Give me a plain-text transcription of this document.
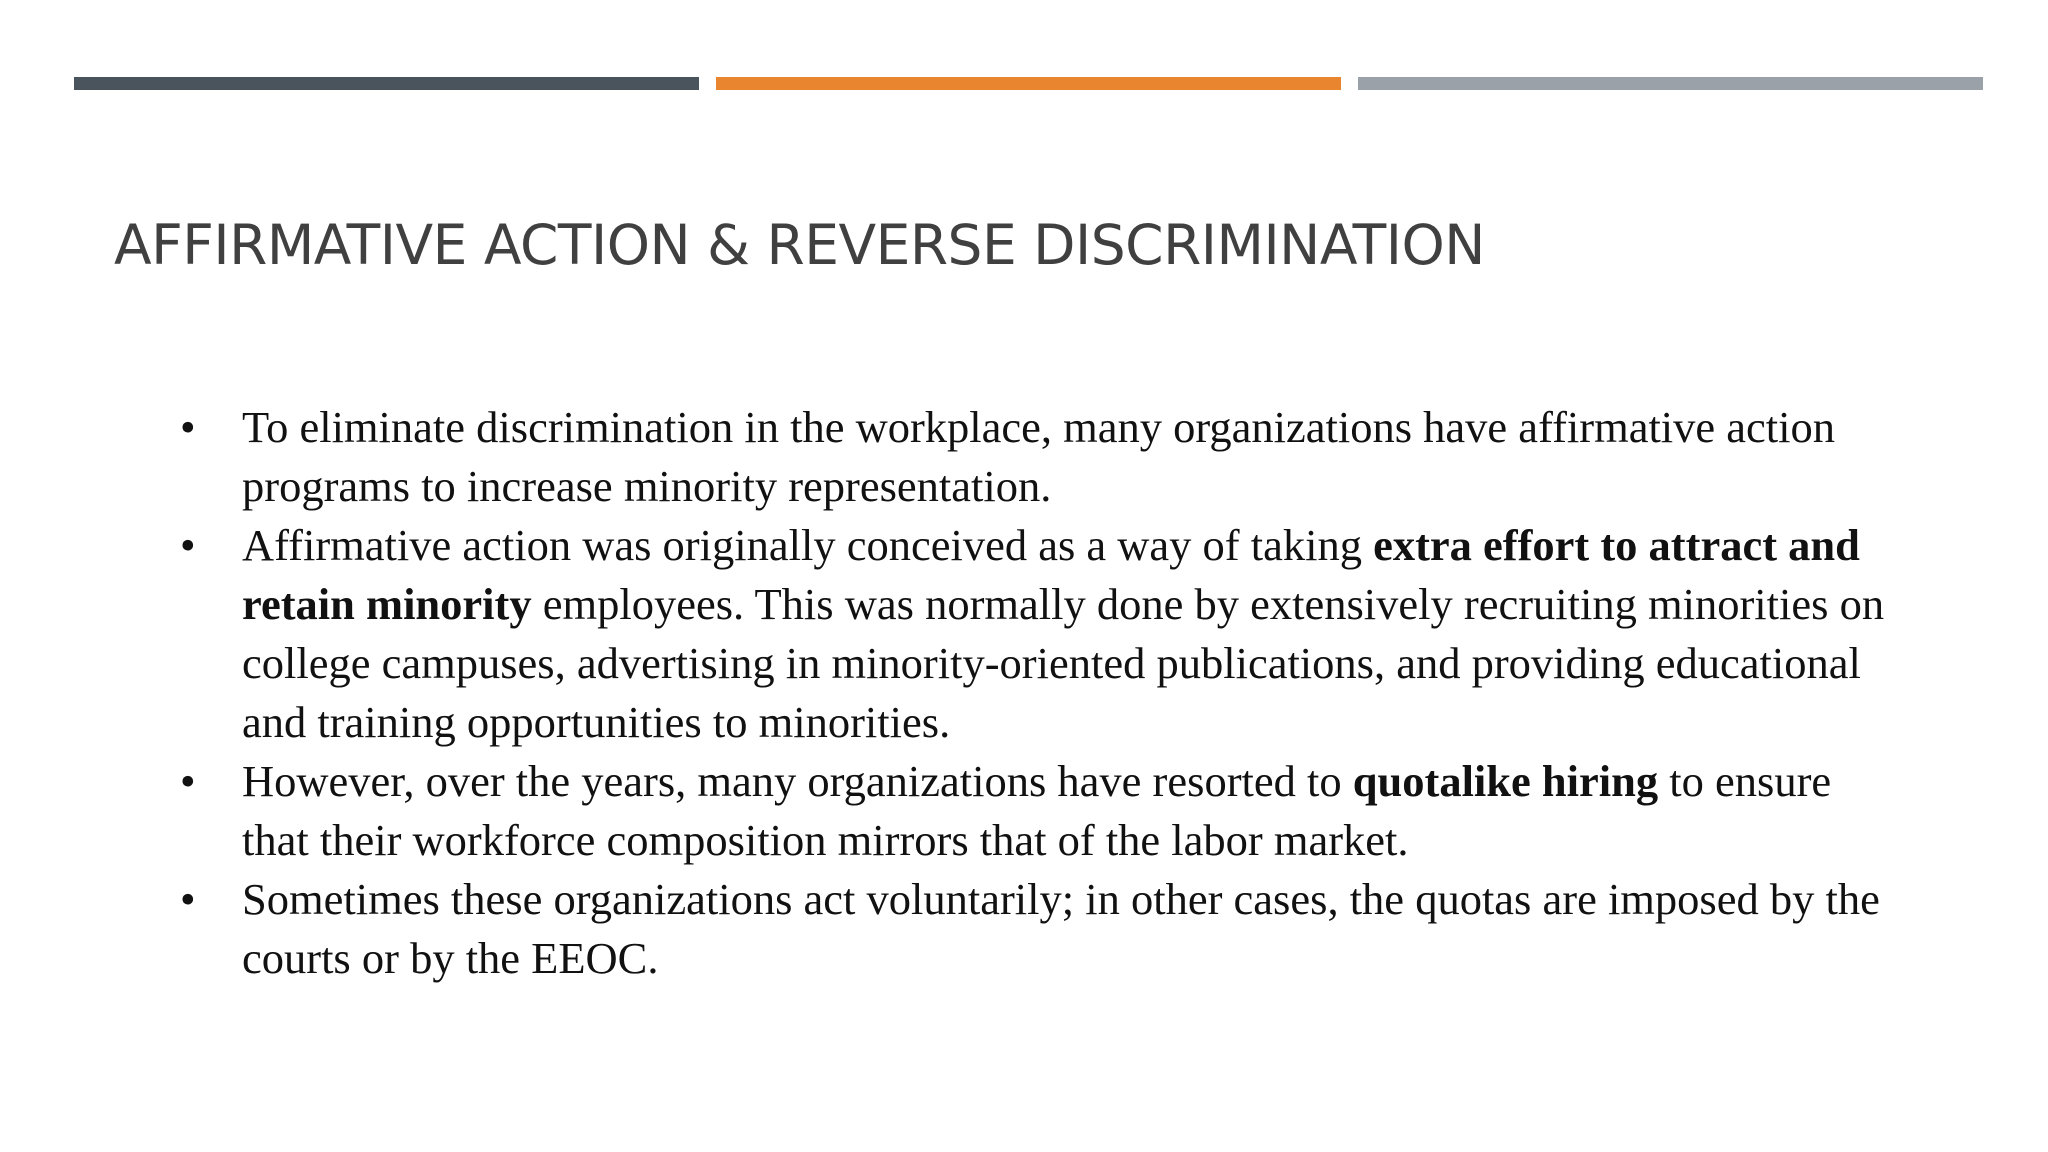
AFFIRMATIVE ACTION & REVERSE DISCRIMINATION
• To eliminate discrimination in the workplace, many organizations have affirmative action programs to increase minority representation.
• Affirmative action was originally conceived as a way of taking extra effort to attract and retain minority employees. This was normally done by extensively recruiting minorities on college campuses, advertising in minority-oriented publications, and providing educational and training opportunities to minorities.
• However, over the years, many organizations have resorted to quotalike hiring to ensure that their workforce composition mirrors that of the labor market.
• Sometimes these organizations act voluntarily; in other cases, the quotas are imposed by the courts or by the EEOC.
